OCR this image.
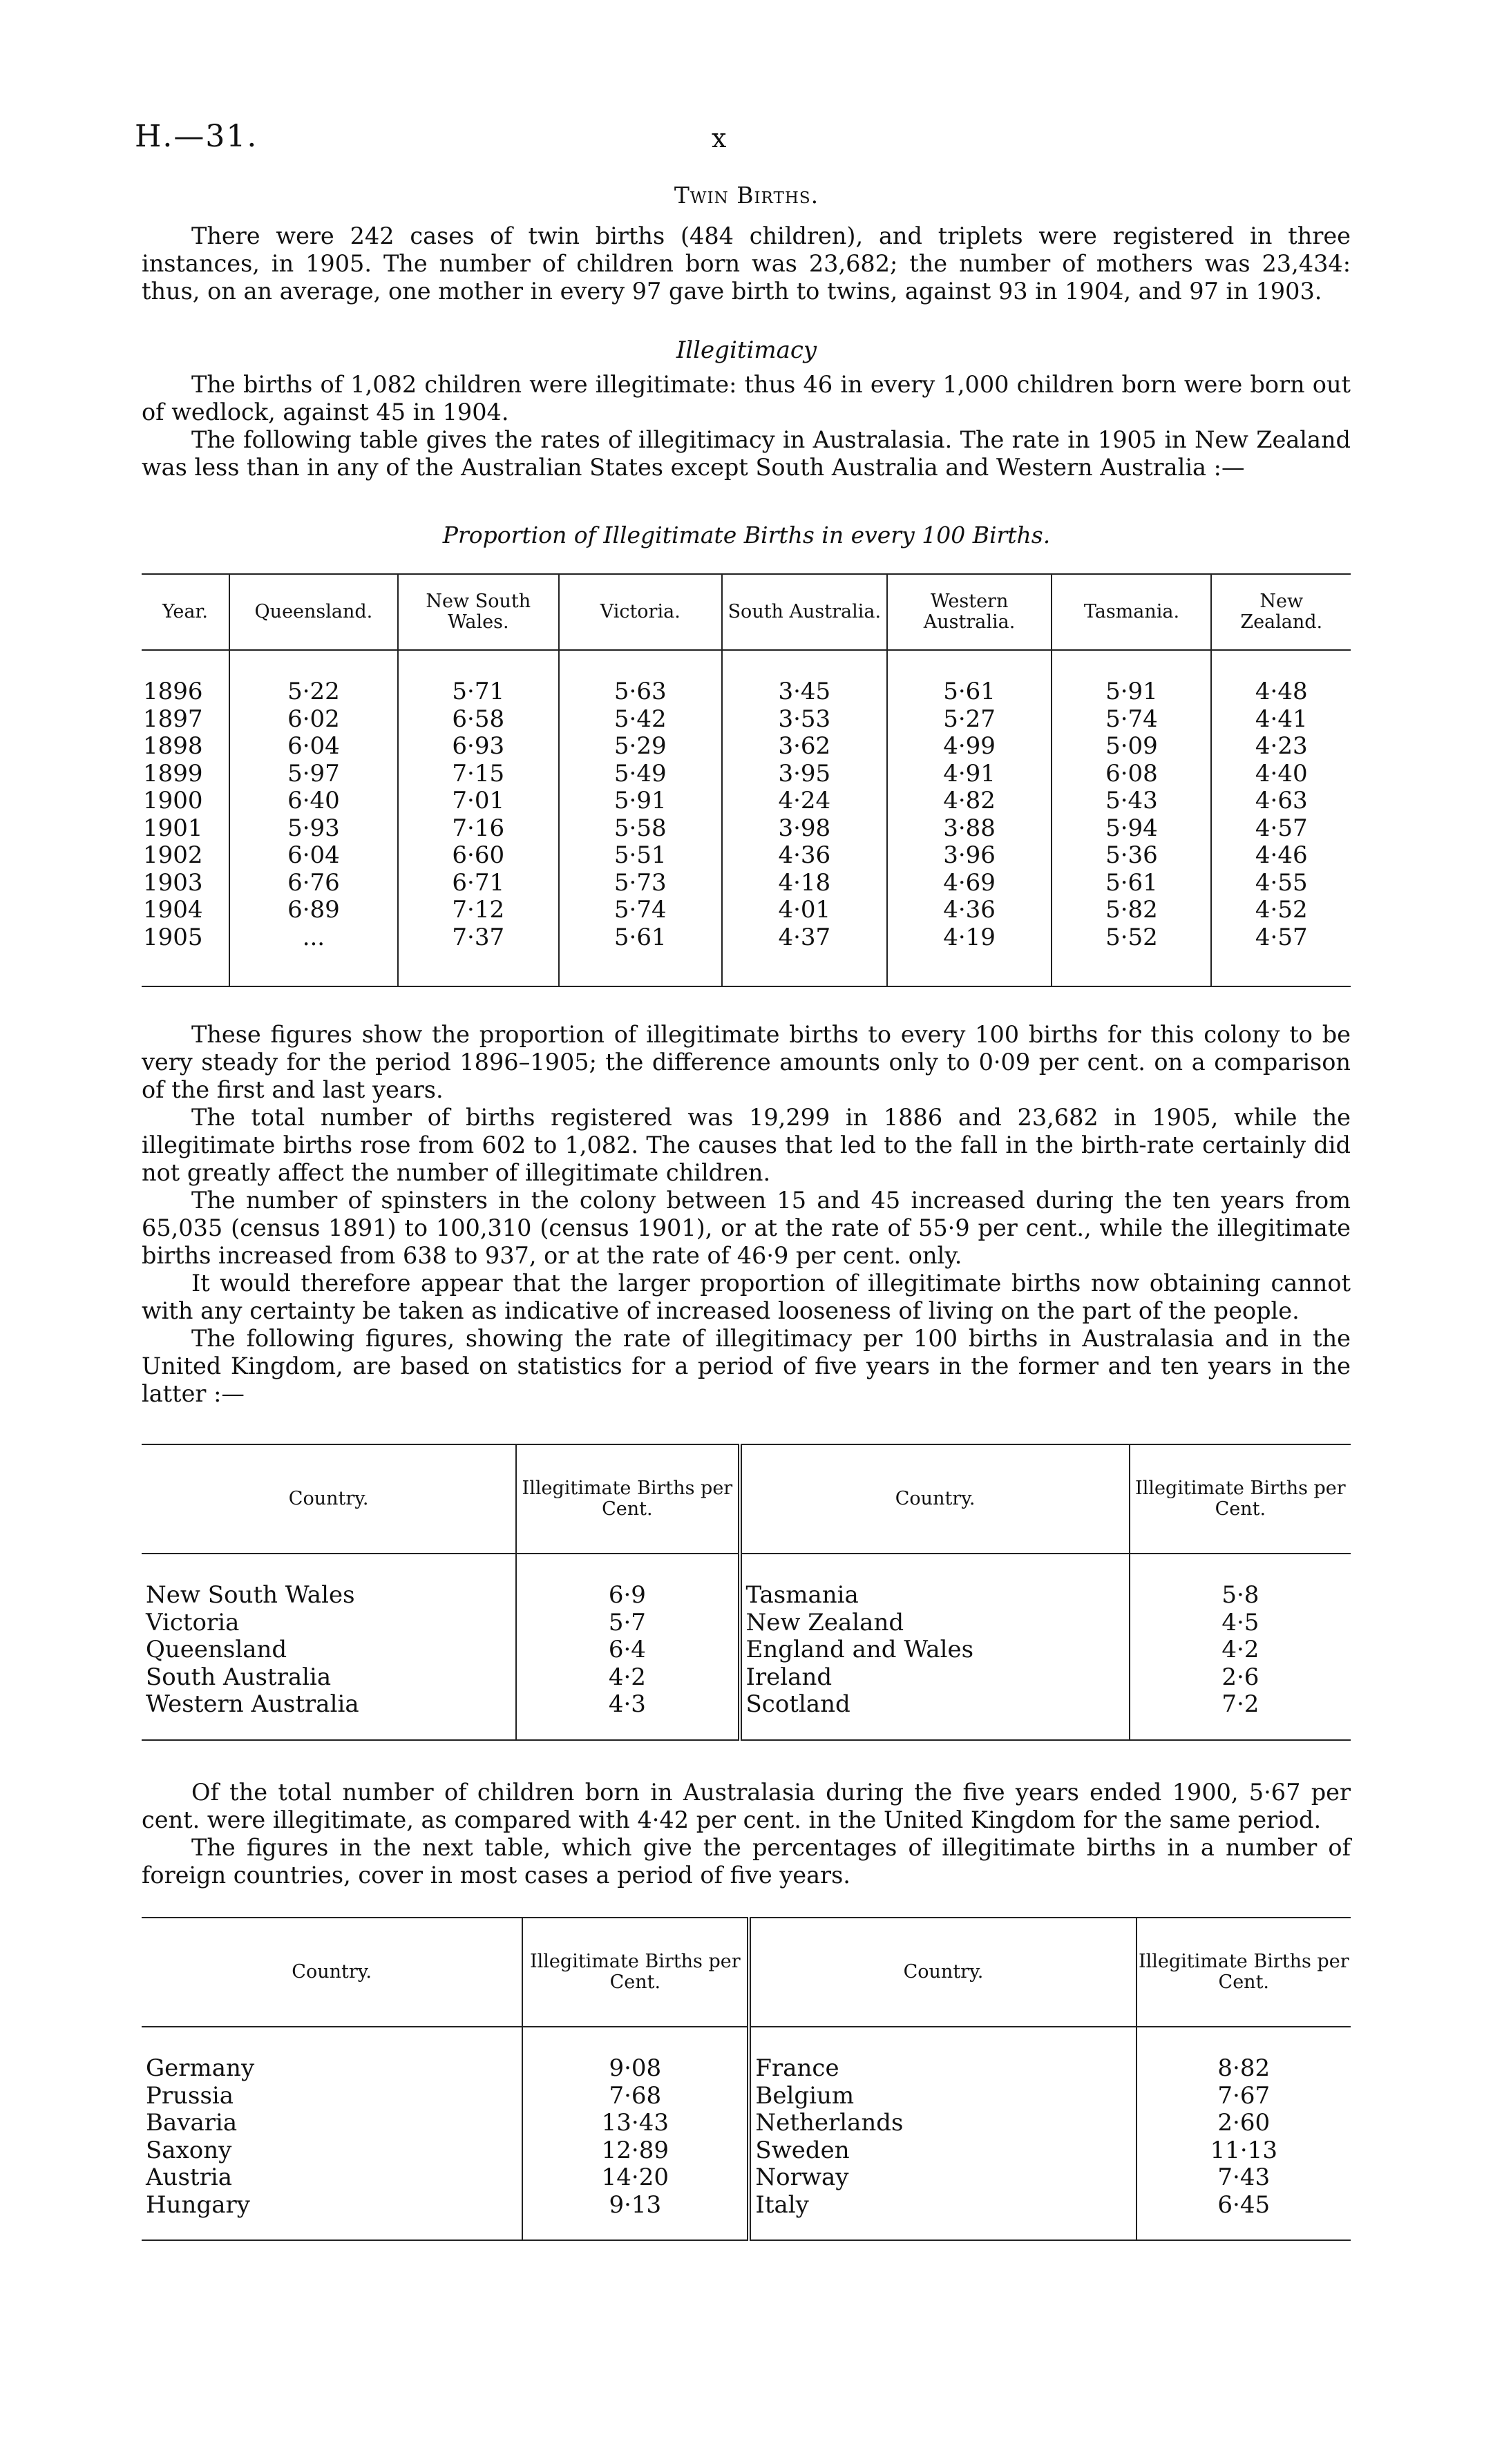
H.—31.	x
Twin Births.
There were 242 cases of twin births (484 children), and triplets were registered in three instances, in 1905. The number of children born was 23,682; the number of mothers was 23,434: thus, on an average, one mother in every 97 gave birth to twins, against 93 in 1904, and 97 in 1903.
Illegitimacy
The births of 1,082 children were illegitimate: thus 46 in every 1,000 children born were born out of wedlock, against 45 in 1904.
The following table gives the rates of illegitimacy in Australasia. The rate in 1905 in New Zealand was less than in any of the Australian States except South Australia and Western Australia :—
Proportion of Illegitimate Births in every 100 Births.
Year.	Queensland.	New South Wales.	Victoria.	South Australia.	Western Australia.	Tasmania.	New Zealand.

1896	5·22	5·71	5·63	3·45	5·61	5·91	4·48
1897	6·02	6·58	5·42	3·53	5·27	5·74	4·41
1898	6·04	6·93	5·29	3·62	4·99	5·09	4·23
1899	5·97	7·15	5·49	3·95	4·91	6·08	4·40
1900	6·40	7·01	5·91	4·24	4·82	5·43	4·63
1901	5·93	7·16	5·58	3·98	3·88	5·94	4·57
1902	6·04	6·60	5·51	4·36	3·96	5·36	4·46
1903	6·76	6·71	5·73	4·18	4·69	5·61	4·55
1904	6·89	7·12	5·74	4·01	4·36	5·82	4·52
1905	...	7·37	5·61	4·37	4·19	5·52	4·57

These figures show the proportion of illegitimate births to every 100 births for this colony to be very steady for the period 1896–1905; the difference amounts only to 0·09 per cent. on a comparison of the first and last years.
The total number of births registered was 19,299 in 1886 and 23,682 in 1905, while the illegitimate births rose from 602 to 1,082. The causes that led to the fall in the birth-rate certainly did not greatly affect the number of illegitimate children.
The number of spinsters in the colony between 15 and 45 increased during the ten years from 65,035 (census 1891) to 100,310 (census 1901), or at the rate of 55·9 per cent., while the illegitimate births increased from 638 to 937, or at the rate of 46·9 per cent. only.
It would therefore appear that the larger proportion of illegitimate births now obtaining cannot with any certainty be taken as indicative of increased looseness of living on the part of the people.
The following figures, showing the rate of illegitimacy per 100 births in Australasia and in the United Kingdom, are based on statistics for a period of five years in the former and ten years in the latter :—
Country.	Illegitimate Births per Cent.	Country.	Illegitimate Births per Cent.

New South Wales	6·9	Tasmania	5·8
Victoria	5·7	New Zealand	4·5
Queensland	6·4	England and Wales	4·2
South Australia	4·2	Ireland	2·6
Western Australia	4·3	Scotland	7·2

Of the total number of children born in Australasia during the five years ended 1900, 5·67 per cent. were illegitimate, as compared with 4·42 per cent. in the United Kingdom for the same period.
The figures in the next table, which give the percentages of illegitimate births in a number of foreign countries, cover in most cases a period of five years.
Country.	Illegitimate Births per Cent.	Country.	Illegitimate Births per Cent.

Germany	9·08	France	8·82
Prussia	7·68	Belgium	7·67
Bavaria	13·43	Netherlands	2·60
Saxony	12·89	Sweden	11·13
Austria	14·20	Norway	7·43
Hungary	9·13	Italy	6·45
